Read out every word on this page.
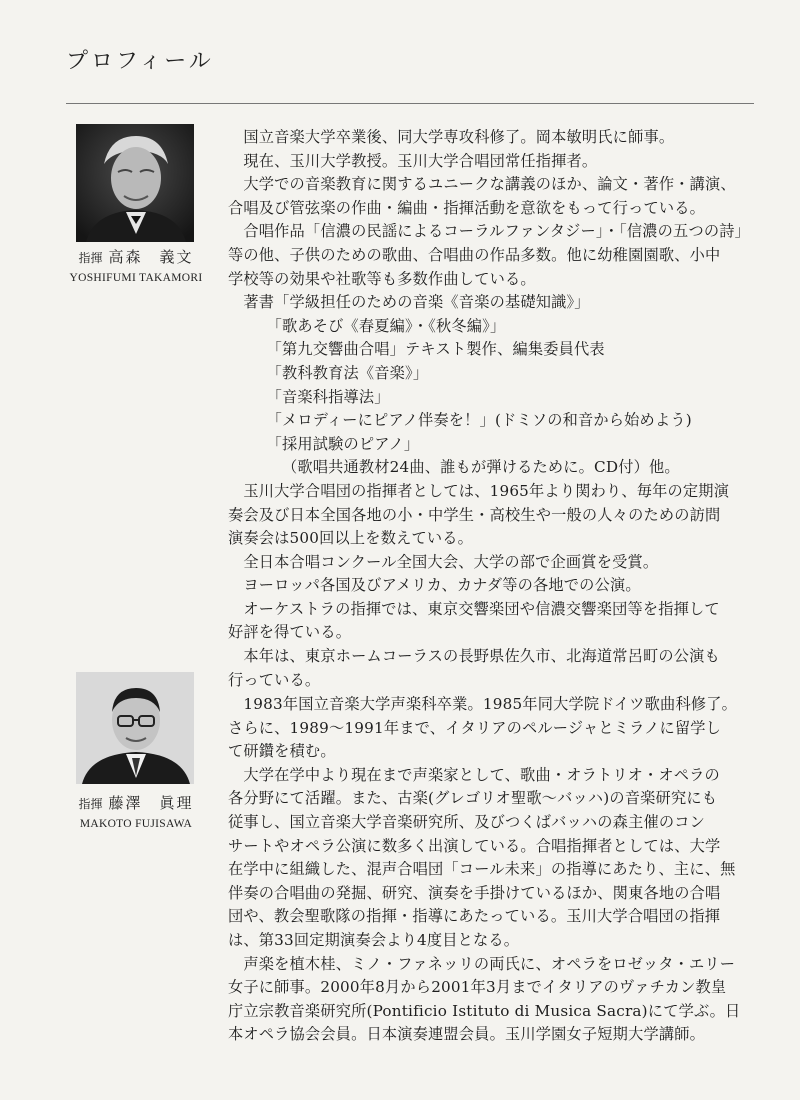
プロフィール
指揮 高森　義文
YOSHIFUMI TAKAMORI
　国立音楽大学卒業後、同大学専攻科修了。岡本敏明氏に師事。
　現在、玉川大学教授。玉川大学合唱団常任指揮者。
　大学での音楽教育に関するユニークな講義のほか、論文・著作・講演、
合唱及び管弦楽の作曲・編曲・指揮活動を意欲をもって行っている。
　合唱作品「信濃の民謡によるコーラルファンタジー」・「信濃の五つの詩」
等の他、子供のための歌曲、合唱曲の作品多数。他に幼稚園園歌、小中
学校等の効果や社歌等も多数作曲している。
　著書「学級担任のための音楽《音楽の基礎知識》」
　　　「歌あそび《春夏編》・《秋冬編》」
　　　「第九交響曲合唱」テキスト製作、編集委員代表
　　　「教科教育法《音楽》」
　　　「音楽科指導法」
　　　「メロディーにピアノ伴奏を！」(ドミソの和音から始めよう)
　　　「採用試験のピアノ」
　　　　（歌唱共通教材24曲、誰もが弾けるために。CD付）他。
　玉川大学合唱団の指揮者としては、1965年より関わり、毎年の定期演
奏会及び日本全国各地の小・中学生・高校生や一般の人々のための訪問
演奏会は500回以上を数えている。
　全日本合唱コンクール全国大会、大学の部で企画賞を受賞。
　ヨーロッパ各国及びアメリカ、カナダ等の各地での公演。
　オーケストラの指揮では、東京交響楽団や信濃交響楽団等を指揮して
好評を得ている。
　本年は、東京ホームコーラスの長野県佐久市、北海道常呂町の公演も
行っている。
指揮 藤澤　眞理
MAKOTO FUJISAWA
　1983年国立音楽大学声楽科卒業。1985年同大学院ドイツ歌曲科修了。
さらに、1989～1991年まで、イタリアのペルージャとミラノに留学し
て研鑽を積む。
　大学在学中より現在まで声楽家として、歌曲・オラトリオ・オペラの
各分野にて活躍。また、古楽(グレゴリオ聖歌～バッハ)の音楽研究にも
従事し、国立音楽大学音楽研究所、及びつくばバッハの森主催のコン
サートやオペラ公演に数多く出演している。合唱指揮者としては、大学
在学中に組織した、混声合唱団「コール未来」の指導にあたり、主に、無
伴奏の合唱曲の発掘、研究、演奏を手掛けているほか、関東各地の合唱
団や、教会聖歌隊の指揮・指導にあたっている。玉川大学合唱団の指揮
は、第33回定期演奏会より4度目となる。
　声楽を植木桂、ミノ・ファネッリの両氏に、オペラをロゼッタ・エリー
女子に師事。2000年8月から2001年3月までイタリアのヴァチカン教皇
庁立宗教音楽研究所(Pontificio Istituto di Musica Sacra)にて学ぶ。日
本オペラ協会会員。日本演奏連盟会員。玉川学園女子短期大学講師。
